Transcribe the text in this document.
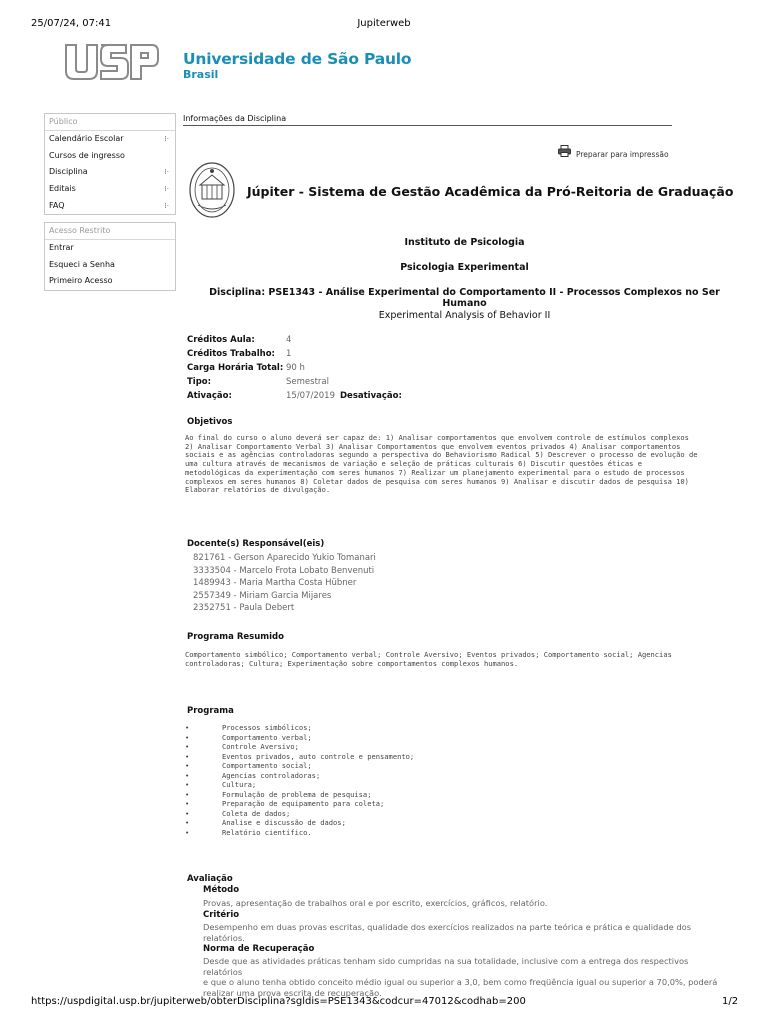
25/07/24, 07:41	Jupiterweb
Universidade de São Paulo
Brasil
Público
Calendário Escolar	⁞·
Cursos de ingresso
Disciplina	⁞·
Editais	⁞·
FAQ	⁞·
Acesso Restrito
Entrar
Esqueci a Senha
Primeiro Acesso
Informações da Disciplina
Preparar para impressão
Júpiter - Sistema de Gestão Acadêmica da Pró-Reitoria de Graduação
Instituto de Psicologia
Psicologia Experimental
Disciplina: PSE1343 - Análise Experimental do Comportamento II - Processos Complexos no Ser
Humano
Experimental Analysis of Behavior II
Créditos Aula:	4
Créditos Trabalho: 1
Carga Horária Total: 90 h
Tipo:	Semestral
Ativação:	15/07/2019 Desativação:
Objetivos
Ao final do curso o aluno deverá ser capaz de: 1) Analisar comportamentos que envolvem controle de estímulos complexos
2) Analisar Comportamento Verbal 3) Analisar Comportamentos que envolvem eventos privados 4) Analisar comportamentos
sociais e as agências controladoras segundo a perspectiva do Behaviorismo Radical 5) Descrever o processo de evolução de
uma cultura através de mecanismos de variação e seleção de práticas culturais 6) Discutir questões éticas e
metodológicas da experimentação com seres humanos 7) Realizar um planejamento experimental para o estudo de processos
complexos em seres humanos 8) Coletar dados de pesquisa com seres humanos 9) Analisar e discutir dados de pesquisa 10)
Elaborar relatórios de divulgação.
Docente(s) Responsável(eis)
821761 - Gerson Aparecido Yukio Tomanari
3333504 - Marcelo Frota Lobato Benvenuti
1489943 - Maria Martha Costa Hübner
2557349 - Miriam Garcia Mijares
2352751 - Paula Debert
Programa Resumido
Comportamento simbólico; Comportamento verbal; Controle Aversivo; Eventos privados; Comportamento social; Agencias
controladoras; Cultura; Experimentação sobre comportamentos complexos humanos.
Programa
• Processos simbólicos;
• Comportamento verbal;
• Controle Aversivo;
• Eventos privados, auto controle e pensamento;
• Comportamento social;
• Agencias controladoras;
• Cultura;
• Formulação de problema de pesquisa;
• Preparação de equipamento para coleta;
• Coleta de dados;
• Analise e discussão de dados;
• Relatório científico.
Avaliação
Método
Provas, apresentação de trabalhos oral e por escrito, exercícios, gráficos, relatório.
Critério
Desempenho em duas provas escritas, qualidade dos exercícios realizados na parte teórica e prática e qualidade dos
relatórios.
Norma de Recuperação
Desde que as atividades práticas tenham sido cumpridas na sua totalidade, inclusive com a entrega dos respectivos relatórios
e que o aluno tenha obtido conceito médio igual ou superior a 3,0, bem como freqüência igual ou superior a 70,0%, poderá
realizar uma prova escrita de recuperação.
https://uspdigital.usp.br/jupiterweb/obterDisciplina?sgldis=PSE1343&codcur=47012&codhab=200	1/2
